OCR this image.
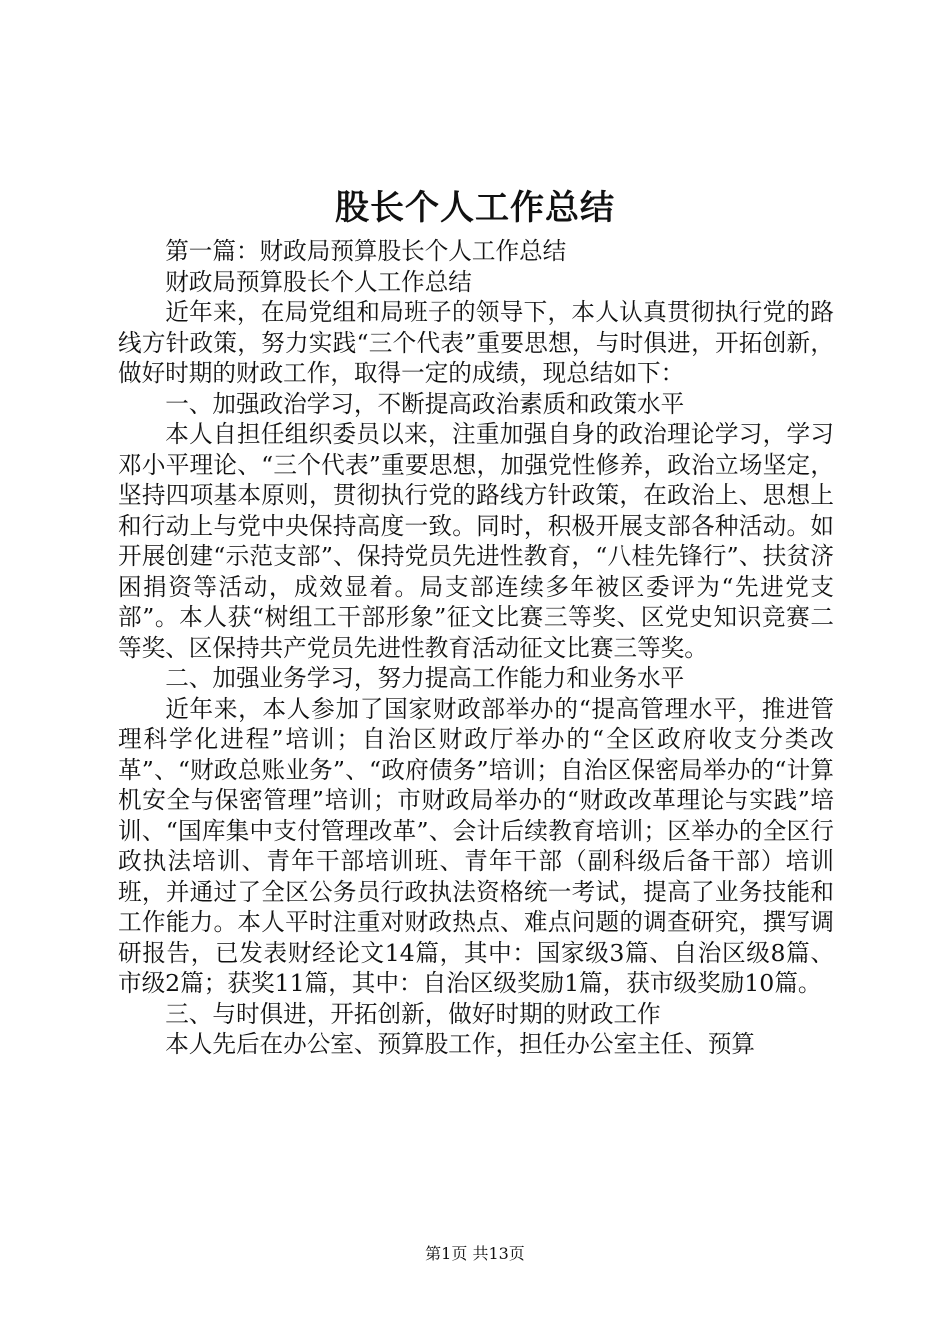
股长个人工作总结

第一篇：财政局预算股长个人工作总结

财政局预算股长个人工作总结

近年来，在局党组和局班子的领导下，本人认真贯彻执行党的路线方针政策，努力实践“三个代表”重要思想，与时俱进，开拓创新，做好时期的财政工作，取得一定的成绩，现总结如下：

一、加强政治学习，不断提高政治素质和政策水平

本人自担任组织委员以来，注重加强自身的政治理论学习，学习邓小平理论、“三个代表”重要思想，加强党性修养，政治立场坚定，坚持四项基本原则，贯彻执行党的路线方针政策，在政治上、思想上和行动上与党中央保持高度一致。同时，积极开展支部各种活动。如开展创建“示范支部”、保持党员先进性教育，“八桂先锋行”、扶贫济困捐资等活动，成效显着。局支部连续多年被区委评为“先进党支部”。本人获“树组工干部形象”征文比赛三等奖、区党史知识竞赛二等奖、区保持共产党员先进性教育活动征文比赛三等奖。

二、加强业务学习，努力提高工作能力和业务水平

近年来，本人参加了国家财政部举办的“提高管理水平，推进管理科学化进程”培训；自治区财政厅举办的“全区政府收支分类改革”、“财政总账业务”、“政府债务”培训；自治区保密局举办的“计算机安全与保密管理”培训；市财政局举办的“财政改革理论与实践”培训、“国库集中支付管理改革”、会计后续教育培训；区举办的全区行政执法培训、青年干部培训班、青年干部（副科级后备干部）培训班，并通过了全区公务员行政执法资格统一考试，提高了业务技能和工作能力。本人平时注重对财政热点、难点问题的调查研究，撰写调研报告，已发表财经论文14篇，其中：国家级3篇、自治区级8篇、市级2篇；获奖11篇，其中：自治区级奖励1篇，获市级奖励10篇。

三、与时俱进，开拓创新，做好时期的财政工作

本人先后在办公室、预算股工作，担任办公室主任、预算

第1页 共13页
